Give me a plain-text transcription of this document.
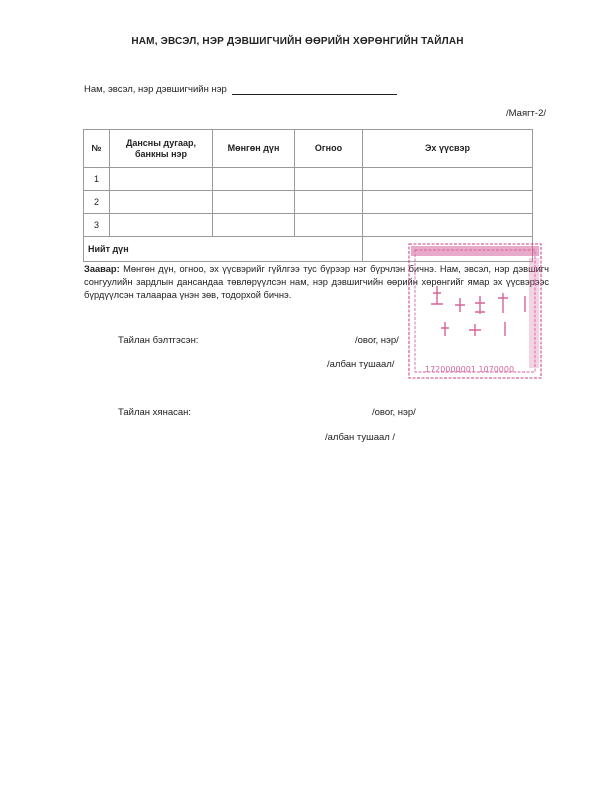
НАМ, ЭВСЭЛ, НЭР ДЭВШИГЧИЙН ӨӨРИЙН ХӨРӨНГИЙН ТАЙЛАН
Нам, эвсэл, нэр дэвшигчийн нэр
/Маягт-2/
№	Дансны дугаар, банкны нэр	Мөнгөн дүн	Огноо	Эх үүсвэр
1				
2				
3				
Нийт дүн				
Заавар: Мөнгөн дүн, огноо, эх үүсвэрийг гүйлгээ тус бүрээр нэг бүрчлэн бичнэ. Нам, эвсэл, нэр дэвшигч сонгуулийн зардлын дансандаа төвлөрүүлсэн нам, нэр дэвшигчийн өөрийн хөрөнгийг ямар эх үүсвэрээс бүрдүүлсэн талаараа үнэн зөв, тодорхой бичнэ.
Тайлан бэлтгэсэн:	/овог, нэр/
/албан тушаал/
Тайлан хянасан:	/овог, нэр/
/албан тушаал /
1720000001 1070000
